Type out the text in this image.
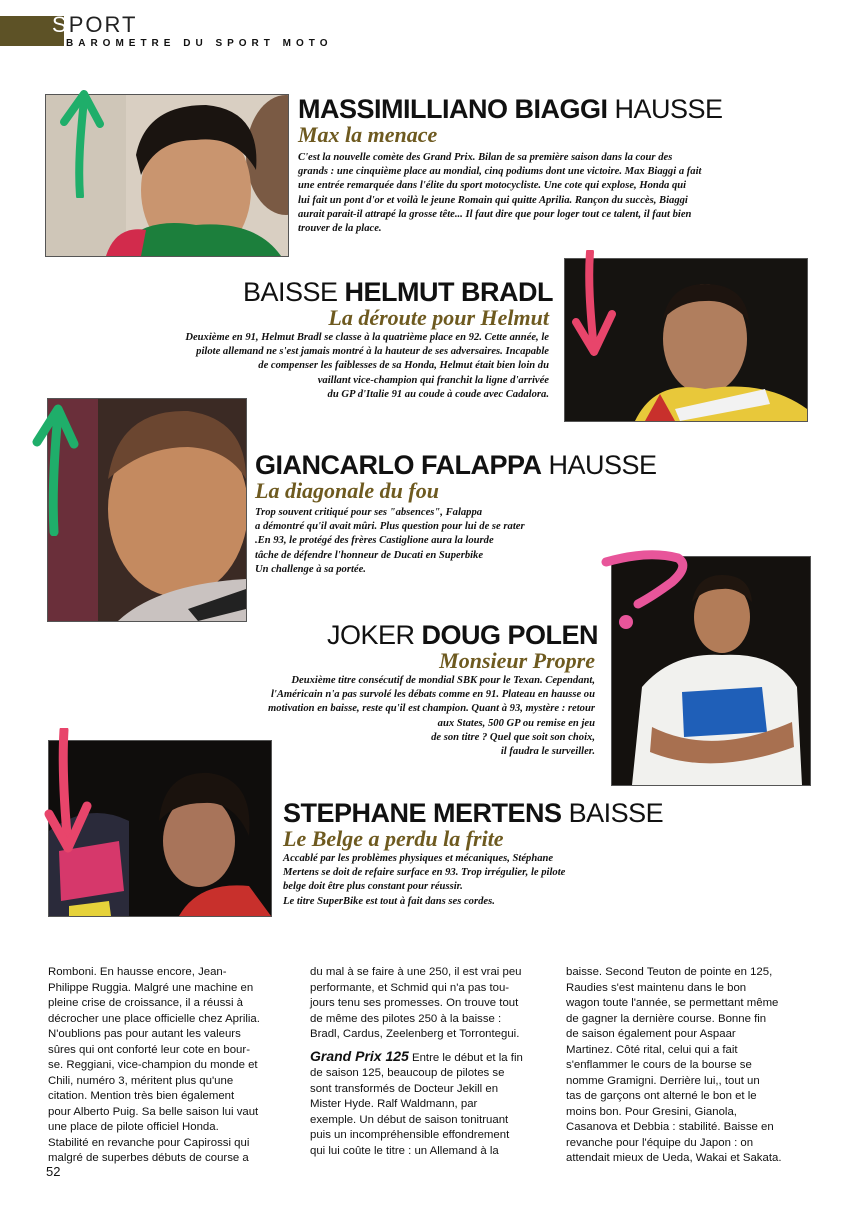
SPORT
BAROMETRE DU SPORT MOTO
MASSIMILLIANO BIAGGI HAUSSE
Max la menace

C'est la nouvelle comète des Grand Prix. Bilan de sa première saison dans la cour des

grands : une cinquième place au mondial, cinq podiums dont une victoire. Max Biaggi a fait

une entrée remarquée dans l'élite du sport motocycliste. Une cote qui explose, Honda qui

lui fait un pont d'or et voilà le jeune Romain qui quitte Aprilia. Rançon du succès, Biaggi

aurait parait-il attrapé la grosse tête... Il faut dire que pour loger tout ce talent, il faut bien

trouver de la place.

BAISSE HELMUT BRADL
La déroute pour Helmut

Deuxième en 91, Helmut Bradl se classe à la quatrième place en 92. Cette année, le

pilote allemand ne s'est jamais montré à la hauteur de ses adversaires. Incapable

de compenser les faiblesses de sa Honda, Helmut était bien loin du

vaillant vice-champion qui franchit la ligne d'arrivée

du GP d'Italie 91 au coude à coude avec Cadalora.

GIANCARLO FALAPPA HAUSSE
La diagonale du fou

Trop souvent critiqué pour ses "absences", Falappa

a démontré qu'il avait mûri. Plus question pour lui de se rater

.En 93, le protégé des frères Castiglione aura la lourde

tâche de défendre l'honneur de Ducati en Superbike

Un challenge à sa portée.

JOKER DOUG POLEN
Monsieur Propre

Deuxième titre consécutif de mondial SBK pour le Texan. Cependant,

l'Américain n'a pas survolé les débats comme en 91. Plateau en hausse ou

motivation en baisse, reste qu'il est champion. Quant à 93, mystère : retour

aux States, 500 GP ou remise en jeu

de son titre ? Quel que soit son choix,

il faudra le surveiller.

STEPHANE MERTENS BAISSE
Le Belge a perdu la frite

Accablé par les problèmes physiques et mécaniques, Stéphane

Mertens se doit de refaire surface en 93. Trop irrégulier, le pilote

belge doit être plus constant pour réussir.

Le titre SuperBike est tout à fait dans ses cordes.

Romboni. En hausse encore, Jean-

Philippe Ruggia. Malgré une machine en

pleine crise de croissance, il a réussi à

décrocher une place officielle chez Aprilia.

N'oublions pas pour autant les valeurs

sûres qui ont conforté leur cote en bour-

se. Reggiani, vice-champion du monde et

Chili, numéro 3, méritent plus qu'une

citation. Mention très bien également

pour Alberto Puig. Sa belle saison lui vaut

une place de pilote officiel Honda.

Stabilité en revanche pour Capirossi qui

malgré de superbes débuts de course a

du mal à se faire à une 250, il est vrai peu

performante, et Schmid qui n'a pas tou-

jours tenu ses promesses. On trouve tout

de même des pilotes 250 à la baisse :

Bradl, Cardus, Zeelenberg et Torrontegui.

Grand Prix 125 Entre le début et la fin

de saison 125, beaucoup de pilotes se

sont transformés de Docteur Jekill en

Mister Hyde. Ralf Waldmann, par

exemple. Un début de saison tonitruant

puis un incompréhensible effondrement

qui lui coûte le titre : un Allemand à la

baisse. Second Teuton de pointe en 125,

Raudies s'est maintenu dans le bon

wagon toute l'année, se permettant même

de gagner la dernière course. Bonne fin

de saison également pour Aspaar

Martinez. Côté rital, celui qui a fait

s'enflammer le cours de la bourse se

nomme Gramigni. Derrière lui,, tout un

tas de garçons ont alterné le bon et le

moins bon. Pour Gresini, Gianola,

Casanova et Debbia : stabilité. Baisse en

revanche pour l'équipe du Japon : on

attendait mieux de Ueda, Wakai et Sakata.

52
